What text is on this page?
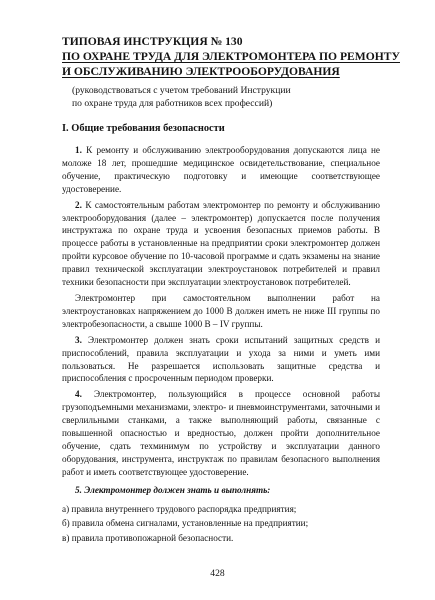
ТИПОВАЯ ИНСТРУКЦИЯ № 130
ПО ОХРАНЕ ТРУДА ДЛЯ ЭЛЕКТРОМОНТЕРА ПО РЕМОНТУ
И ОБСЛУЖИВАНИЮ ЭЛЕКТРООБОРУДОВАНИЯ
(руководствоваться с учетом требований Инструкции
по охране труда для работников всех профессий)
I. Общие требования безопасности

1. К ремонту и обслуживанию электрооборудования допускаются лица не моложе 18 лет, прошедшие медицинское освидетельствование, специальное обучение, практическую подготовку и имеющие соответствующее удостоверение.

2. К самостоятельным работам электромонтер по ремонту и обслуживанию электрооборудования (далее – электромонтер) допускается после получения инструктажа по охране труда и усвоения безопасных приемов работы. В процессе работы в установленные на предприятии сроки электромонтер должен пройти курсовое обучение по 10-часовой программе и сдать экзамены на знание правил технической эксплуатации электроустановок потребителей и правил техники безопасности при эксплуатации электроустановок потребителей.

Электромонтер при самостоятельном выполнении работ на электроустановках напряжением до 1000 В должен иметь не ниже III группы по электробезопасности, а свыше 1000 В – IV группы.

3. Электромонтер должен знать сроки испытаний защитных средств и приспособлений, правила эксплуатации и ухода за ними и уметь ими пользоваться. Не разрешается использовать защитные средства и приспособления с просроченным периодом проверки.

4. Электромонтер, пользующийся в процессе основной работы грузоподъемными механизмами, электро- и пневмоинструментами, заточными и сверлильными станками, а также выполняющий работы, связанные с повышенной опасностью и вредностью, должен пройти дополнительное обучение, сдать техминимум по устройству и эксплуатации данного оборудования, инструмента, инструктаж по правилам безопасного выполнения работ и иметь соответствующее удостоверение.

5. Электромонтер должен знать и выполнять:

а) правила внутреннего трудового распорядка предприятия;

б) правила обмена сигналами, установленные на предприятии;

в) правила противопожарной безопасности.

428
